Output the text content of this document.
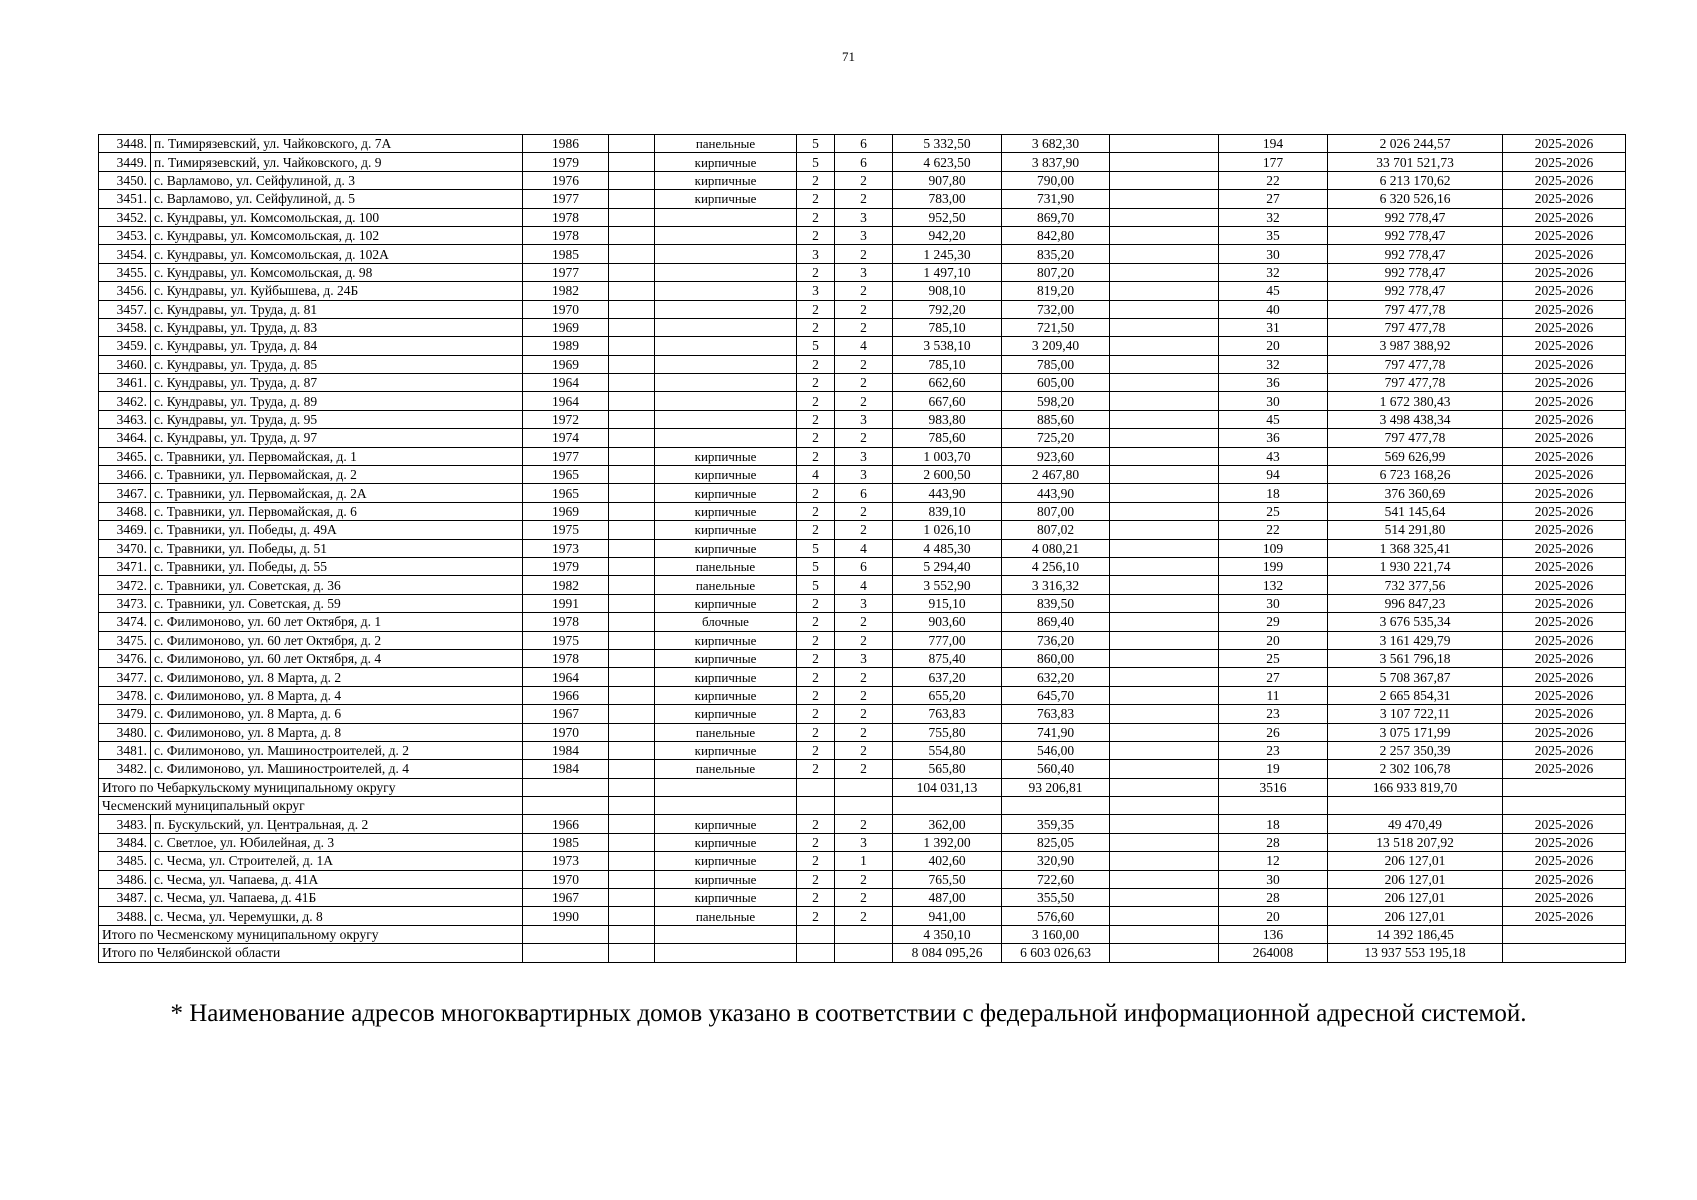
71
3448.	п. Тимирязевский, ул. Чайковского, д. 7А	1986		панельные	5	6	5 332,50	3 682,30		194	2 026 244,57	2025-2026
3449.	п. Тимирязевский, ул. Чайковского, д. 9	1979		кирпичные	5	6	4 623,50	3 837,90		177	33 701 521,73	2025-2026
3450.	с. Варламово, ул. Сейфулиной, д. 3	1976		кирпичные	2	2	907,80	790,00		22	6 213 170,62	2025-2026
3451.	с. Варламово, ул. Сейфулиной, д. 5	1977		кирпичные	2	2	783,00	731,90		27	6 320 526,16	2025-2026
3452.	с. Кундравы, ул. Комсомольская, д. 100	1978			2	3	952,50	869,70		32	992 778,47	2025-2026
3453.	с. Кундравы, ул. Комсомольская, д. 102	1978			2	3	942,20	842,80		35	992 778,47	2025-2026
3454.	с. Кундравы, ул. Комсомольская, д. 102А	1985			3	2	1 245,30	835,20		30	992 778,47	2025-2026
3455.	с. Кундравы, ул. Комсомольская, д. 98	1977			2	3	1 497,10	807,20		32	992 778,47	2025-2026
3456.	с. Кундравы, ул. Куйбышева, д. 24Б	1982			3	2	908,10	819,20		45	992 778,47	2025-2026
3457.	с. Кундравы, ул. Труда, д. 81	1970			2	2	792,20	732,00		40	797 477,78	2025-2026
3458.	с. Кундравы, ул. Труда, д. 83	1969			2	2	785,10	721,50		31	797 477,78	2025-2026
3459.	с. Кундравы, ул. Труда, д. 84	1989			5	4	3 538,10	3 209,40		20	3 987 388,92	2025-2026
3460.	с. Кундравы, ул. Труда, д. 85	1969			2	2	785,10	785,00		32	797 477,78	2025-2026
3461.	с. Кундравы, ул. Труда, д. 87	1964			2	2	662,60	605,00		36	797 477,78	2025-2026
3462.	с. Кундравы, ул. Труда, д. 89	1964			2	2	667,60	598,20		30	1 672 380,43	2025-2026
3463.	с. Кундравы, ул. Труда, д. 95	1972			2	3	983,80	885,60		45	3 498 438,34	2025-2026
3464.	с. Кундравы, ул. Труда, д. 97	1974			2	2	785,60	725,20		36	797 477,78	2025-2026
3465.	с. Травники, ул. Первомайская, д. 1	1977		кирпичные	2	3	1 003,70	923,60		43	569 626,99	2025-2026
3466.	с. Травники, ул. Первомайская, д. 2	1965		кирпичные	4	3	2 600,50	2 467,80		94	6 723 168,26	2025-2026
3467.	с. Травники, ул. Первомайская, д. 2А	1965		кирпичные	2	6	443,90	443,90		18	376 360,69	2025-2026
3468.	с. Травники, ул. Первомайская, д. 6	1969		кирпичные	2	2	839,10	807,00		25	541 145,64	2025-2026
3469.	с. Травники, ул. Победы, д. 49А	1975		кирпичные	2	2	1 026,10	807,02		22	514 291,80	2025-2026
3470.	с. Травники, ул. Победы, д. 51	1973		кирпичные	5	4	4 485,30	4 080,21		109	1 368 325,41	2025-2026
3471.	с. Травники, ул. Победы, д. 55	1979		панельные	5	6	5 294,40	4 256,10		199	1 930 221,74	2025-2026
3472.	с. Травники, ул. Советская, д. 36	1982		панельные	5	4	3 552,90	3 316,32		132	732 377,56	2025-2026
3473.	с. Травники, ул. Советская, д. 59	1991		кирпичные	2	3	915,10	839,50		30	996 847,23	2025-2026
3474.	с. Филимоново, ул. 60 лет Октября, д. 1	1978		блочные	2	2	903,60	869,40		29	3 676 535,34	2025-2026
3475.	с. Филимоново, ул. 60 лет Октября, д. 2	1975		кирпичные	2	2	777,00	736,20		20	3 161 429,79	2025-2026
3476.	с. Филимоново, ул. 60 лет Октября, д. 4	1978		кирпичные	2	3	875,40	860,00		25	3 561 796,18	2025-2026
3477.	с. Филимоново, ул. 8 Марта, д. 2	1964		кирпичные	2	2	637,20	632,20		27	5 708 367,87	2025-2026
3478.	с. Филимоново, ул. 8 Марта, д. 4	1966		кирпичные	2	2	655,20	645,70		11	2 665 854,31	2025-2026
3479.	с. Филимоново, ул. 8 Марта, д. 6	1967		кирпичные	2	2	763,83	763,83		23	3 107 722,11	2025-2026
3480.	с. Филимоново, ул. 8 Марта, д. 8	1970		панельные	2	2	755,80	741,90		26	3 075 171,99	2025-2026
3481.	с. Филимоново, ул. Машиностроителей, д. 2	1984		кирпичные	2	2	554,80	546,00		23	2 257 350,39	2025-2026
3482.	с. Филимоново, ул. Машиностроителей, д. 4	1984		панельные	2	2	565,80	560,40		19	2 302 106,78	2025-2026
Итого по Чебаркульскому муниципальному округу							104 031,13	93 206,81		3516	166 933 819,70	
Чесменский муниципальный округ												
3483.	п. Бускульский, ул. Центральная, д. 2	1966		кирпичные	2	2	362,00	359,35		18	49 470,49	2025-2026
3484.	с. Светлое, ул. Юбилейная, д. 3	1985		кирпичные	2	3	1 392,00	825,05		28	13 518 207,92	2025-2026
3485.	с. Чесма, ул. Строителей, д. 1А	1973		кирпичные	2	1	402,60	320,90		12	206 127,01	2025-2026
3486.	с. Чесма, ул. Чапаева, д. 41А	1970		кирпичные	2	2	765,50	722,60		30	206 127,01	2025-2026
3487.	с. Чесма, ул. Чапаева, д. 41Б	1967		кирпичные	2	2	487,00	355,50		28	206 127,01	2025-2026
3488.	с. Чесма, ул. Черемушки, д. 8	1990		панельные	2	2	941,00	576,60		20	206 127,01	2025-2026
Итого по Чесменскому муниципальному округу							4 350,10	3 160,00		136	14 392 186,45	
Итого по Челябинской области							8 084 095,26	6 603 026,63		264008	13 937 553 195,18	
* Наименование адресов многоквартирных домов указано в соответствии с федеральной информационной адресной системой.
